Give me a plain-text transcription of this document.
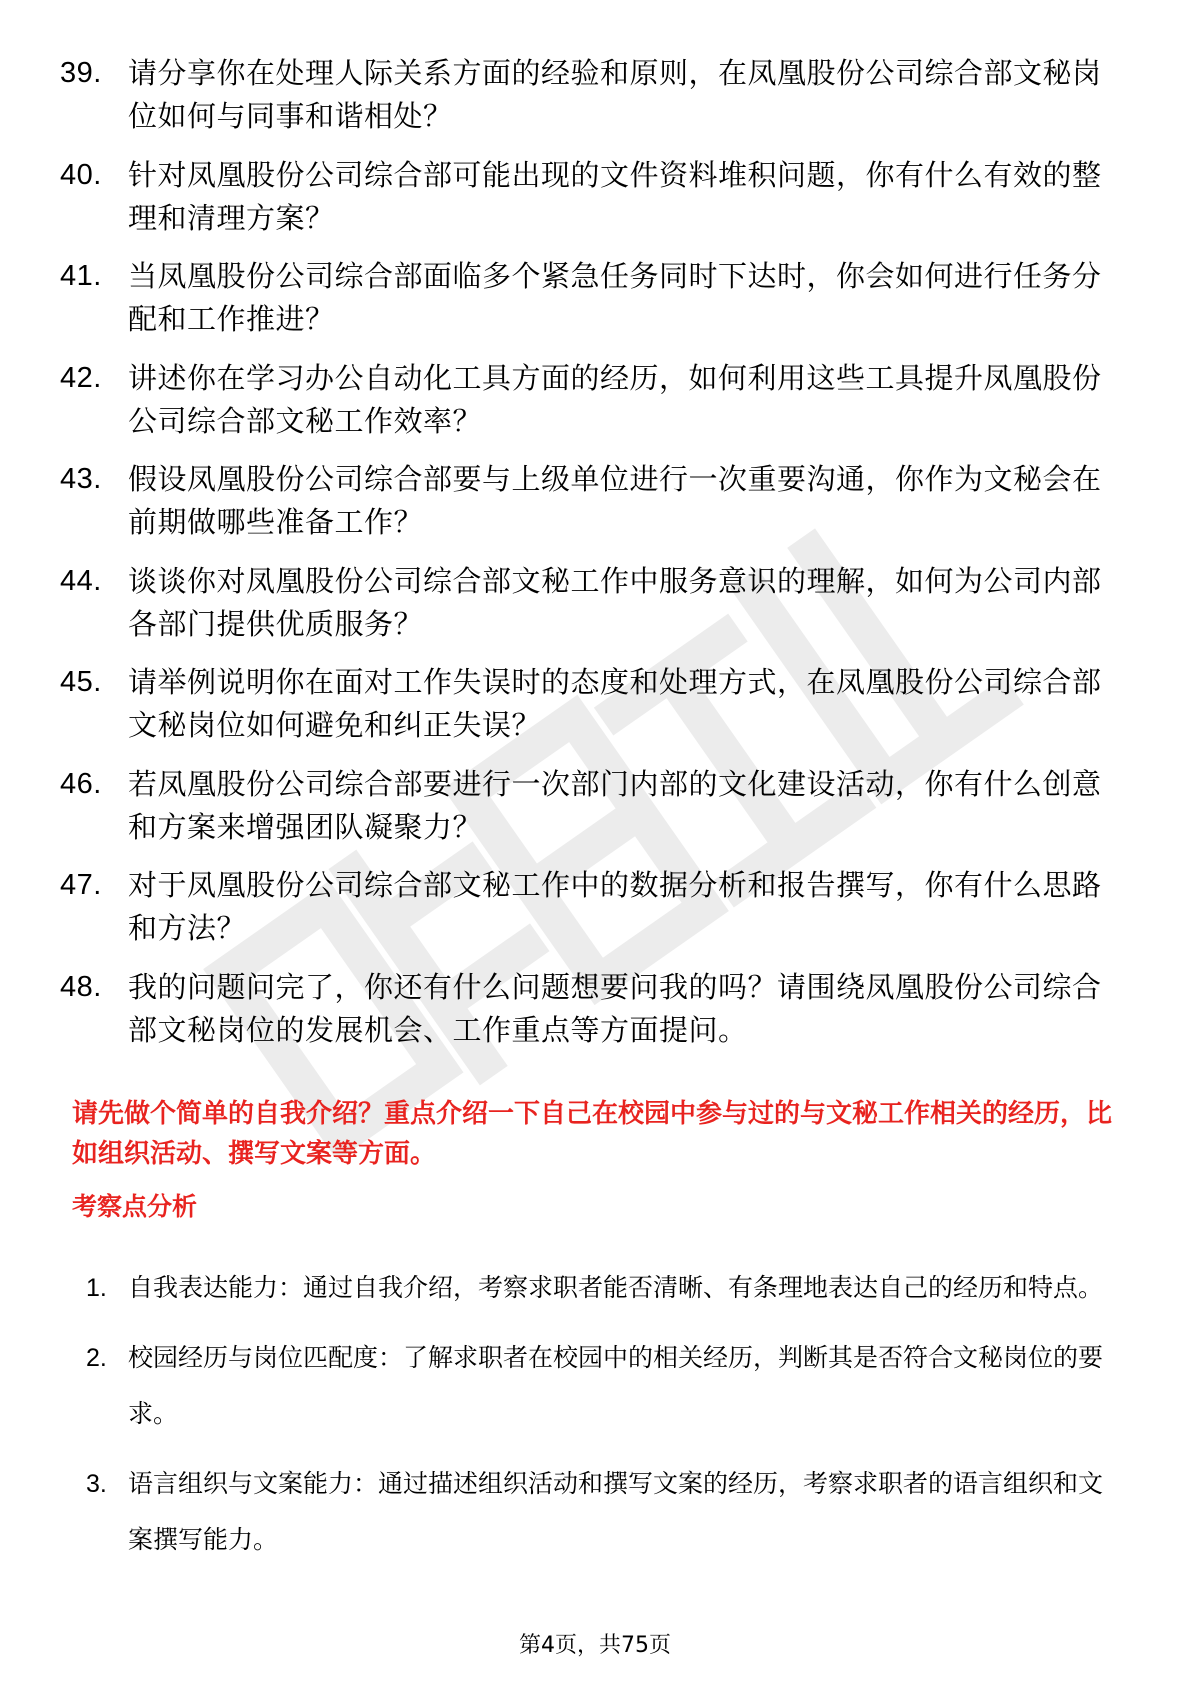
39. 请分享你在处理人际关系方面的经验和原则，在凤凰股份公司综合部文秘岗位如何与同事和谐相处？
40. 针对凤凰股份公司综合部可能出现的文件资料堆积问题，你有什么有效的整理和清理方案？
41. 当凤凰股份公司综合部面临多个紧急任务同时下达时，你会如何进行任务分配和工作推进？
42. 讲述你在学习办公自动化工具方面的经历，如何利用这些工具提升凤凰股份公司综合部文秘工作效率？
43. 假设凤凰股份公司综合部要与上级单位进行一次重要沟通，你作为文秘会在前期做哪些准备工作？
44. 谈谈你对凤凰股份公司综合部文秘工作中服务意识的理解，如何为公司内部各部门提供优质服务？
45. 请举例说明你在面对工作失误时的态度和处理方式，在凤凰股份公司综合部文秘岗位如何避免和纠正失误？
46. 若凤凰股份公司综合部要进行一次部门内部的文化建设活动，你有什么创意和方案来增强团队凝聚力？
47. 对于凤凰股份公司综合部文秘工作中的数据分析和报告撰写，你有什么思路和方法？
48. 我的问题问完了，你还有什么问题想要问我的吗？请围绕凤凰股份公司综合部文秘岗位的发展机会、工作重点等方面提问。

请先做个简单的自我介绍？重点介绍一下自己在校园中参与过的与文秘工作相关的经历，比如组织活动、撰写文案等方面。

考察点分析
1. 自我表达能力：通过自我介绍，考察求职者能否清晰、有条理地表达自己的经历和特点。
2. 校园经历与岗位匹配度：了解求职者在校园中的相关经历，判断其是否符合文秘岗位的要求。
3. 语言组织与文案能力：通过描述组织活动和撰写文案的经历，考察求职者的语言组织和文案撰写能力。
第4页，共75页
